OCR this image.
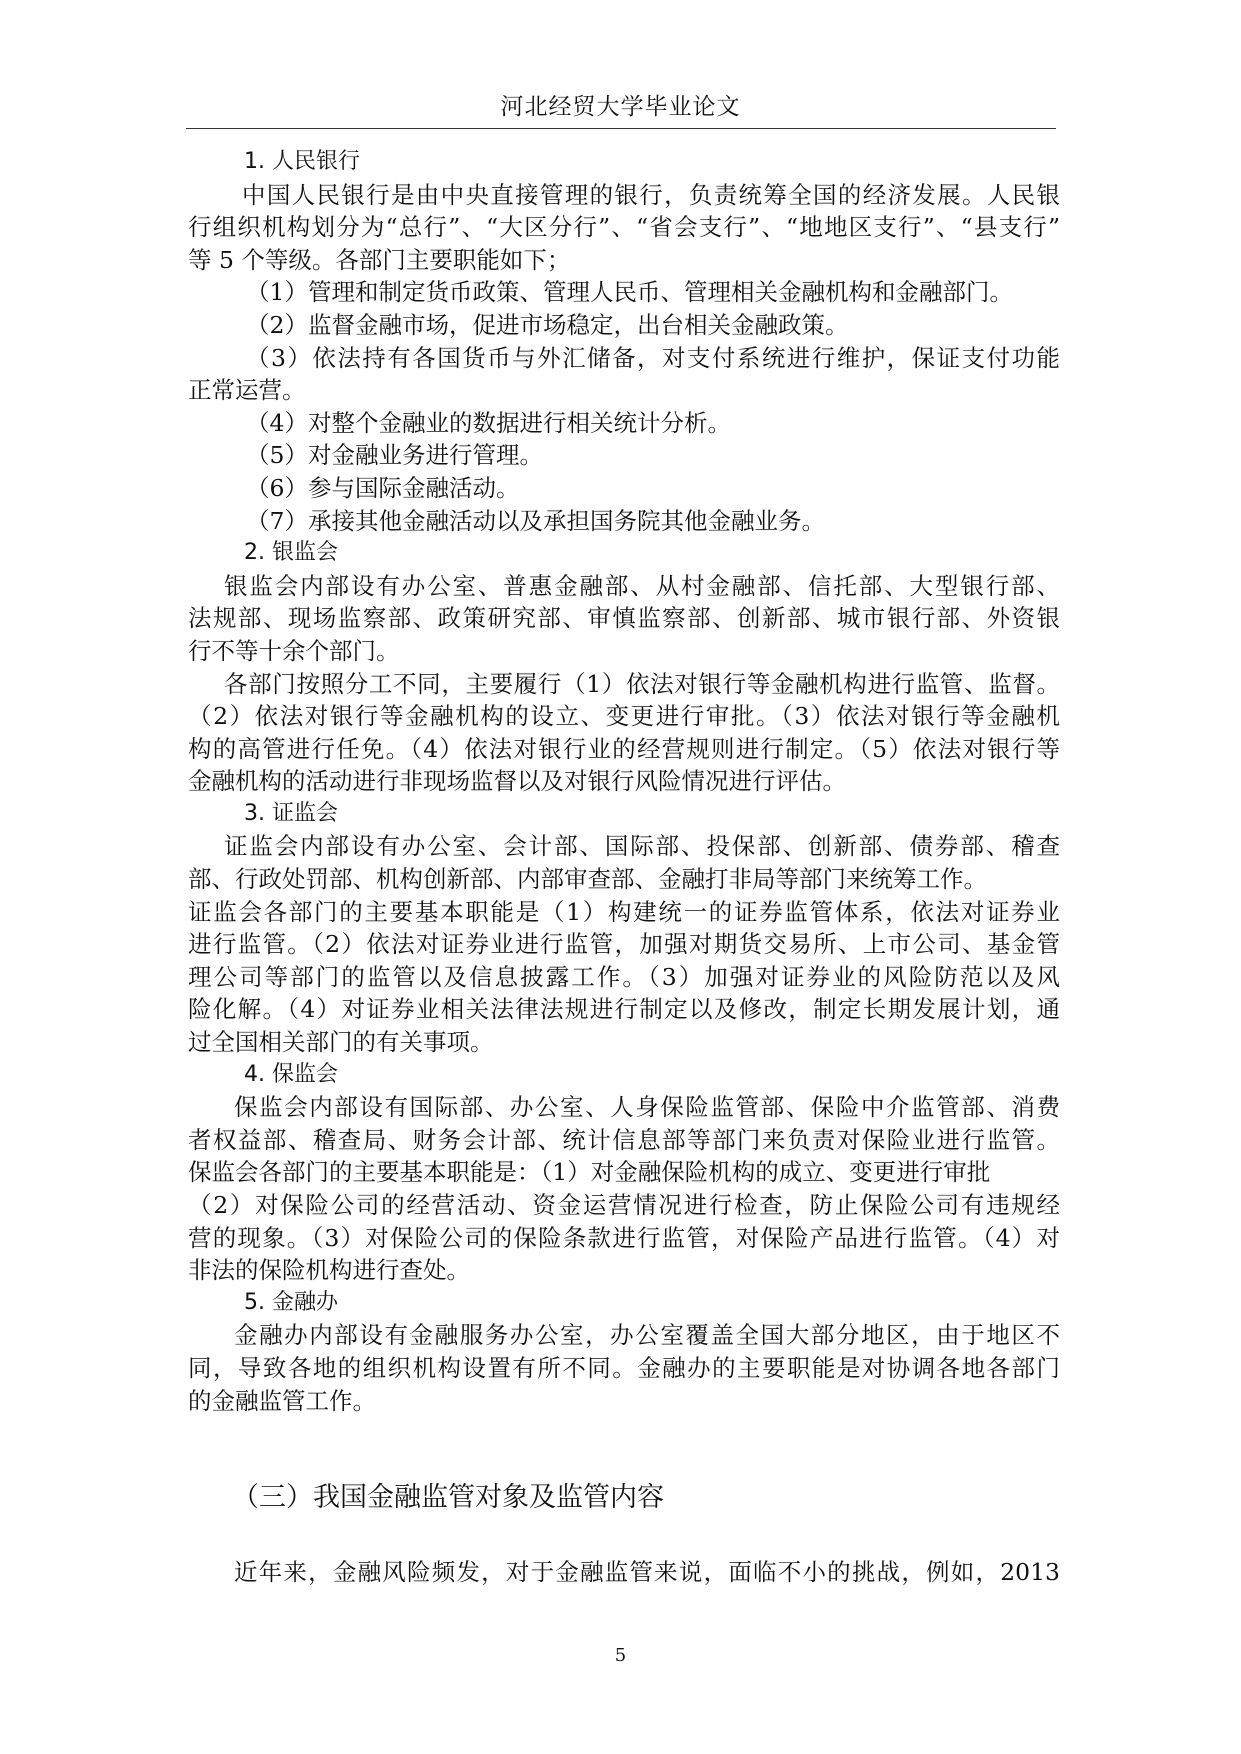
河北经贸大学毕业论文
1. 人民银行
中国人民银行是由中央直接管理的银行，负责统筹全国的经济发展。人民银
行组织机构划分为“总行”、“大区分行”、“省会支行”、“地地区支行”、“县支行”
等 5 个等级。各部门主要职能如下；
（1）管理和制定货币政策、管理人民币、管理相关金融机构和金融部门。
（2）监督金融市场，促进市场稳定，出台相关金融政策。
（3）依法持有各国货币与外汇储备，对支付系统进行维护，保证支付功能
正常运营。
（4）对整个金融业的数据进行相关统计分析。
（5）对金融业务进行管理。
（6）参与国际金融活动。
（7）承接其他金融活动以及承担国务院其他金融业务。
2. 银监会
银监会内部设有办公室、普惠金融部、从村金融部、信托部、大型银行部、
法规部、现场监察部、政策研究部、审慎监察部、创新部、城市银行部、外资银
行不等十余个部门。
各部门按照分工不同，主要履行（1）依法对银行等金融机构进行监管、监督。
（2）依法对银行等金融机构的设立、变更进行审批。（3）依法对银行等金融机
构的高管进行任免。（4）依法对银行业的经营规则进行制定。（5）依法对银行等
金融机构的活动进行非现场监督以及对银行风险情况进行评估。
3. 证监会
证监会内部设有办公室、会计部、国际部、投保部、创新部、债券部、稽查
部、行政处罚部、机构创新部、内部审查部、金融打非局等部门来统筹工作。
证监会各部门的主要基本职能是（1）构建统一的证券监管体系，依法对证券业
进行监管。（2）依法对证券业进行监管，加强对期货交易所、上市公司、基金管
理公司等部门的监管以及信息披露工作。（3）加强对证券业的风险防范以及风
险化解。（4）对证券业相关法律法规进行制定以及修改，制定长期发展计划，通
过全国相关部门的有关事项。
4. 保监会
保监会内部设有国际部、办公室、人身保险监管部、保险中介监管部、消费
者权益部、稽查局、财务会计部、统计信息部等部门来负责对保险业进行监管。
保监会各部门的主要基本职能是：（1）对金融保险机构的成立、变更进行审批
（2）对保险公司的经营活动、资金运营情况进行检查，防止保险公司有违规经
营的现象。（3）对保险公司的保险条款进行监管，对保险产品进行监管。（4）对
非法的保险机构进行查处。
5. 金融办
金融办内部设有金融服务办公室，办公室覆盖全国大部分地区，由于地区不
同，导致各地的组织机构设置有所不同。金融办的主要职能是对协调各地各部门
的金融监管工作。
（三）我国金融监管对象及监管内容
近年来，金融风险频发，对于金融监管来说，面临不小的挑战，例如，2013
5
